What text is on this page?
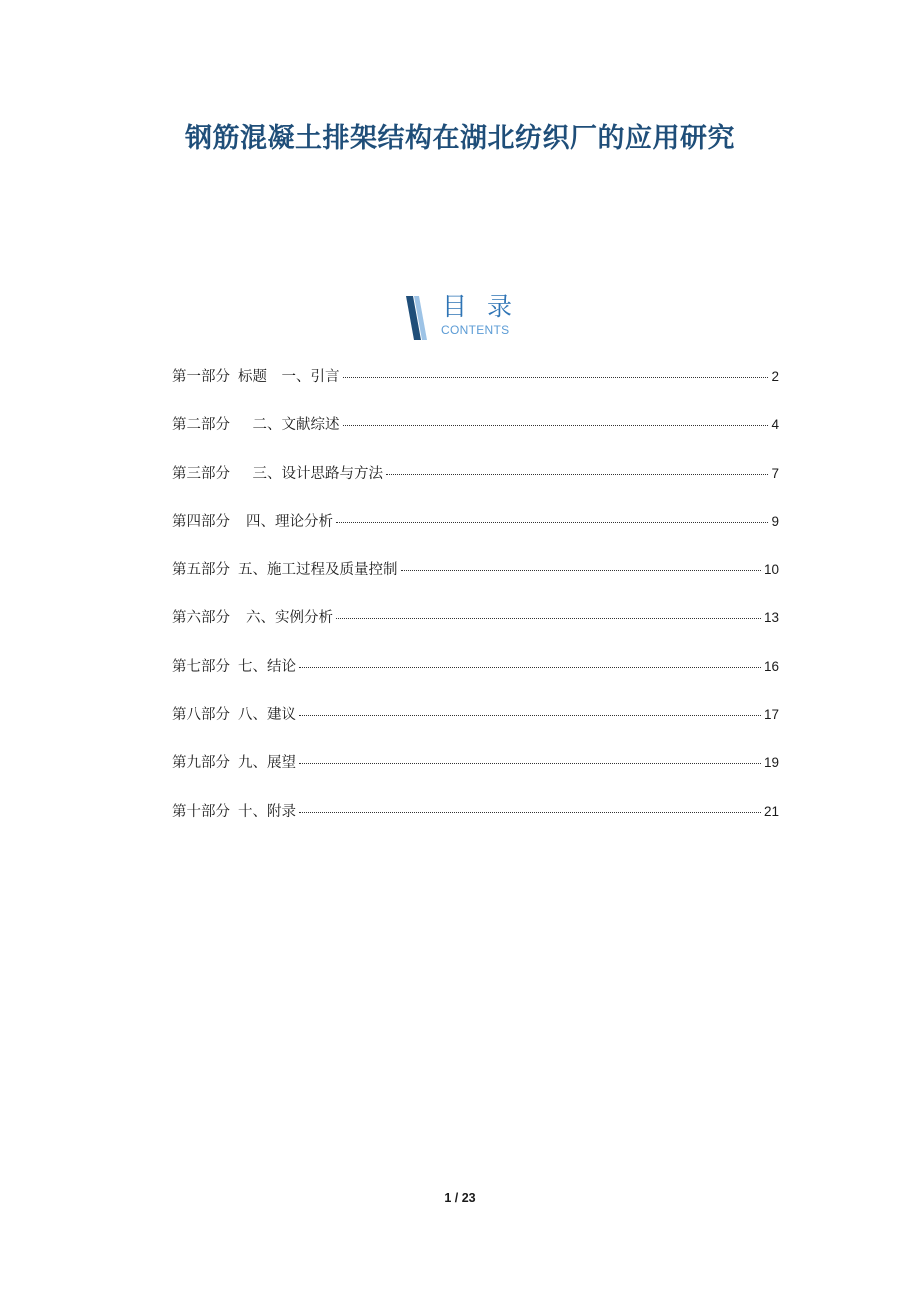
钢筋混凝土排架结构在湖北纺织厂的应用研究
目 录
CONTENTS
第一部分 标题　一、引言	2
第二部分 　二、文献综述	4
第三部分 　三、设计思路与方法	7
第四部分 四、理论分析	9
第五部分 五、施工过程及质量控制	10
第六部分 六、实例分析	13
第七部分 七、结论	16
第八部分 八、建议	17
第九部分 九、展望	19
第十部分 十、附录	21
1 / 23
